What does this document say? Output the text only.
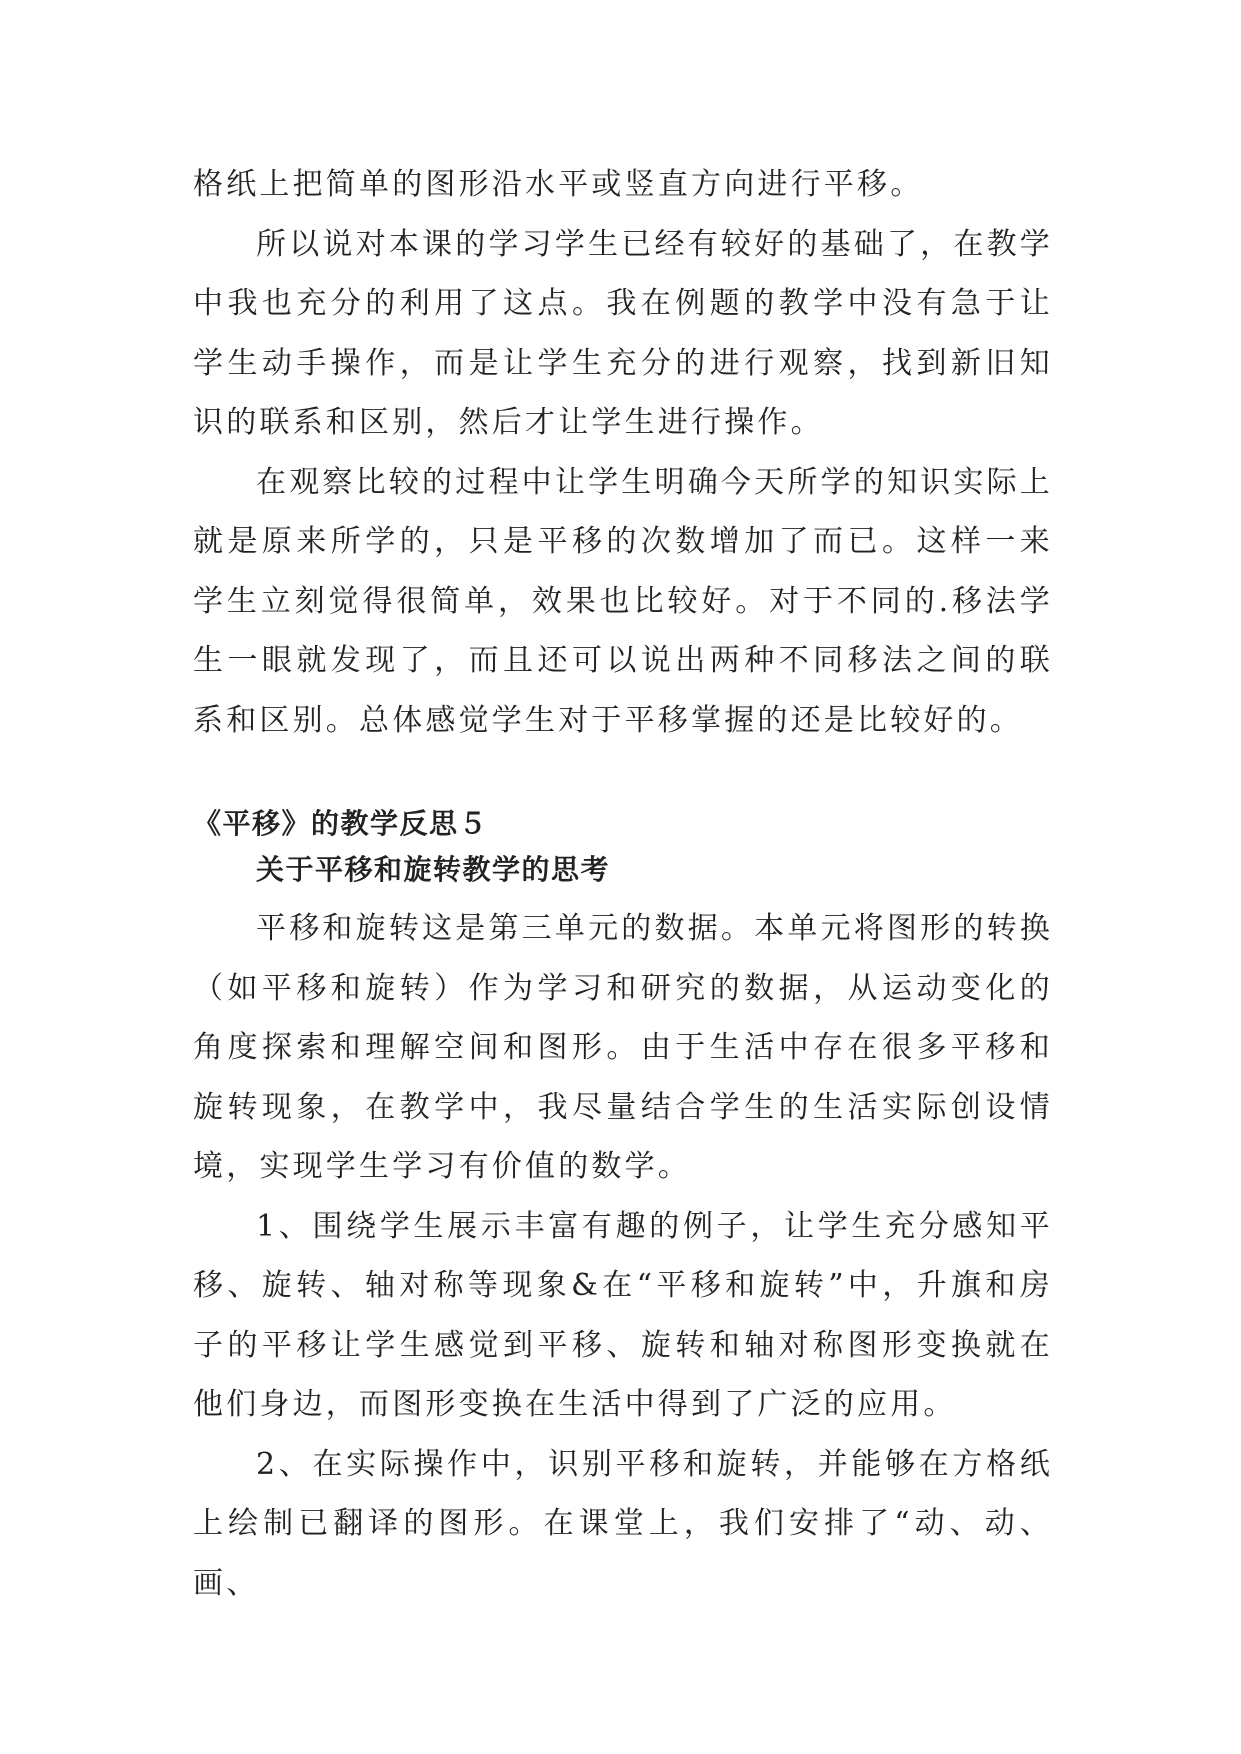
格纸上把简单的图形沿水平或竖直方向进行平移。

所以说对本课的学习学生已经有较好的基础了，在教学中我也充分的利用了这点。我在例题的教学中没有急于让学生动手操作，而是让学生充分的进行观察，找到新旧知识的联系和区别，然后才让学生进行操作。

在观察比较的过程中让学生明确今天所学的知识实际上就是原来所学的，只是平移的次数增加了而已。这样一来学生立刻觉得很简单，效果也比较好。对于不同的.移法学生一眼就发现了，而且还可以说出两种不同移法之间的联系和区别。总体感觉学生对于平移掌握的还是比较好的。

《平移》的教学反思５
关于平移和旋转教学的思考

平移和旋转这是第三单元的数据。本单元将图形的转换（如平移和旋转）作为学习和研究的数据，从运动变化的角度探索和理解空间和图形。由于生活中存在很多平移和旋转现象，在教学中，我尽量结合学生的生活实际创设情境，实现学生学习有价值的数学。

1、围绕学生展示丰富有趣的例子，让学生充分感知平移、旋转、轴对称等现象&在“平移和旋转”中，升旗和房子的平移让学生感觉到平移、旋转和轴对称图形变换就在他们身边，而图形变换在生活中得到了广泛的应用。

2、在实际操作中，识别平移和旋转，并能够在方格纸上绘制已翻译的图形。在课堂上，我们安排了“动、动、画、
